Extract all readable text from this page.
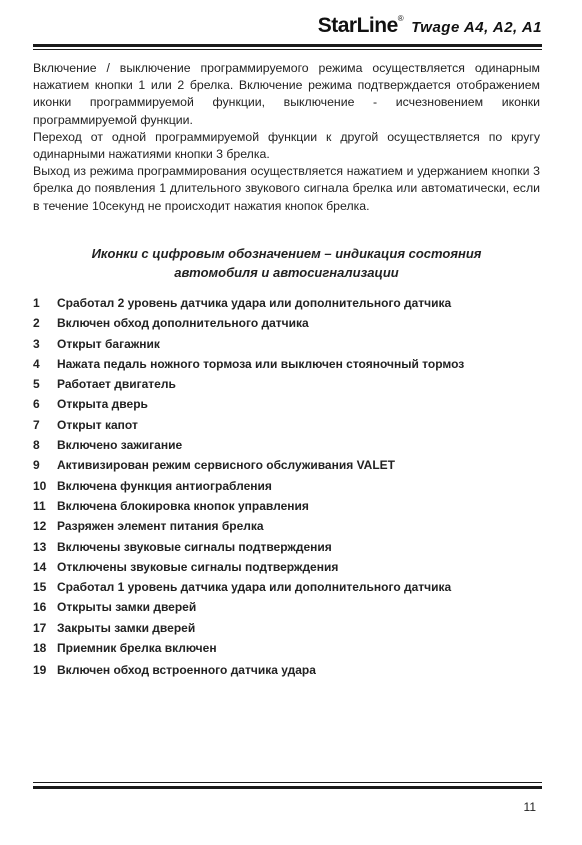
StarLine®
Twage A4, A2, A1

Включение / выключение программируемого режима осуществляется одинарным нажатием кнопки 1 или 2 брелка. Включение режима подтверждается отображением иконки программируемой функции, выключение - исчезновением иконки программируемой функции.

Переход от одной программируемой функции к другой осуществляется по кругу одинарными нажатиями кнопки 3 брелка.

Выход из режима программирования осуществляется нажатием и удержанием кнопки 3 брелка до появления 1 длительного звукового сигнала брелка или автоматически, если в течение 10секунд не происходит нажатия кнопок брелка.

Иконки с цифровым обозначением – индикация состояния
автомобиля и автосигнализации
1	Сработал 2 уровень датчика удара или дополнительного датчика
2	Включен обход дополнительного датчика
3	Открыт багажник
4	Нажата педаль ножного тормоза или выключен стояночный тормоз
5	Работает двигатель
6	Открыта дверь
7	Открыт капот
8	Включено зажигание
9	Активизирован режим сервисного обслуживания VALET
10 Включена функция антиограбления
11 Включена блокировка кнопок управления
12 Разряжен элемент питания брелка
13 Включены звуковые сигналы подтверждения
14 Отключены звуковые сигналы подтверждения
15 Сработал 1 уровень датчика удара или дополнительного датчика
16 Открыты замки дверей
17 Закрыты замки дверей
18 Приемник брелка включен
19 Включен обход встроенного датчика удара
11
